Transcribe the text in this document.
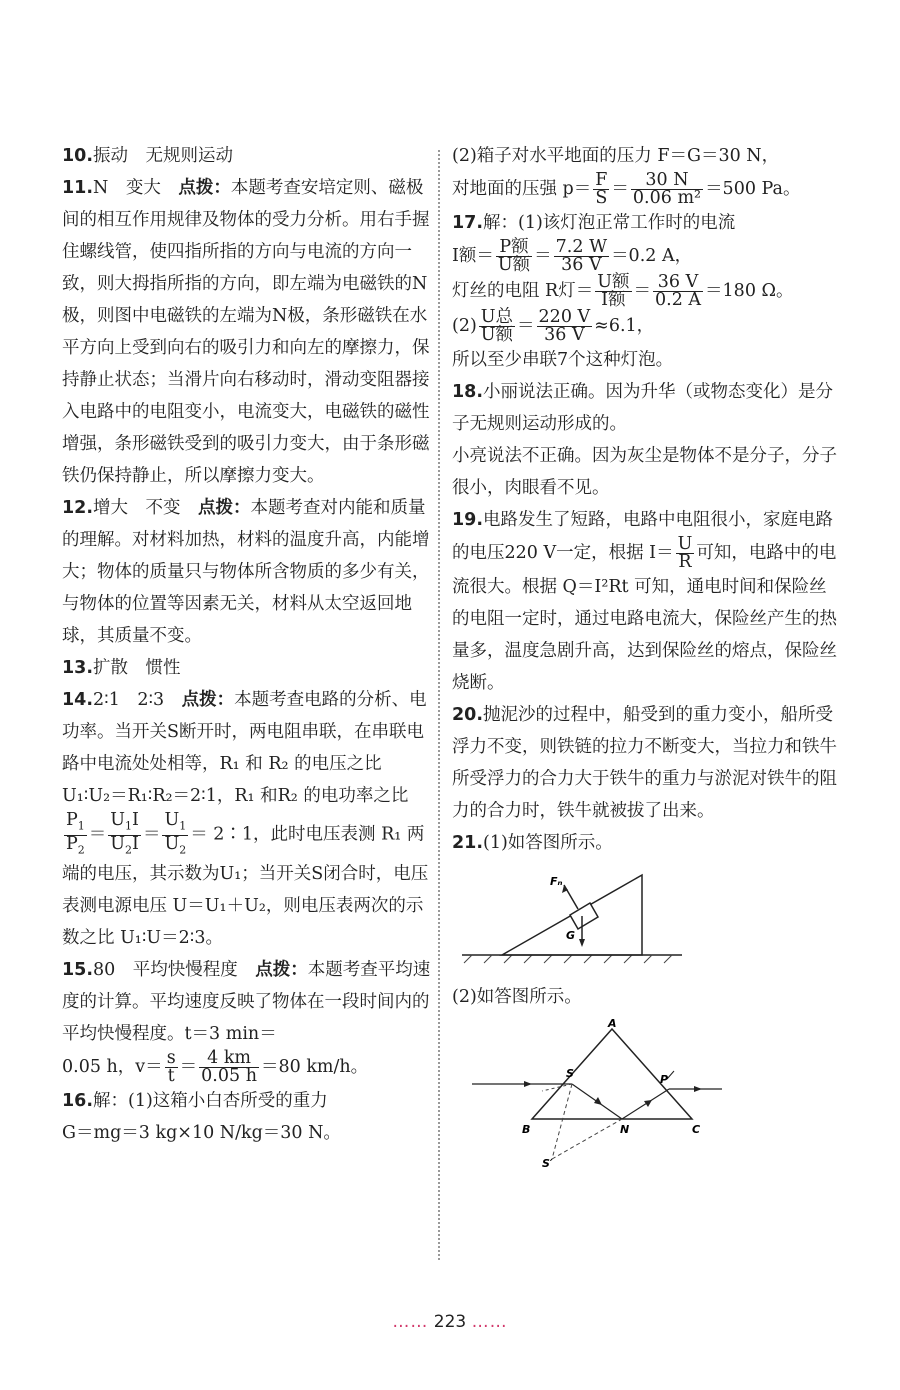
10.振动　无规则运动

11.N　变大　点拨：本题考查安培定则、磁极间的相互作用规律及物体的受力分析。用右手握住螺线管，使四指所指的方向与电流的方向一致，则大拇指所指的方向，即左端为电磁铁的N极，则图中电磁铁的左端为N极，条形磁铁在水平方向上受到向右的吸引力和向左的摩擦力，保持静止状态；当滑片向右移动时，滑动变阻器接入电路中的电阻变小，电流变大，电磁铁的磁性增强，条形磁铁受到的吸引力变大，由于条形磁铁仍保持静止，所以摩擦力变大。

12.增大　不变　点拨：本题考查对内能和质量的理解。对材料加热，材料的温度升高，内能增大；物体的质量只与物体所含物质的多少有关，与物体的位置等因素无关，材料从太空返回地球，其质量不变。

13.扩散　惯性

14.2∶1　2∶3　点拨：本题考查电路的分析、电功率。当开关S断开时，两电阻串联，在串联电路中电流处处相等，R₁ 和 R₂ 的电压之比 U₁∶U₂＝R₁∶R₂＝2∶1，R₁ 和R₂ 的电功率之比
$\frac{P_1}{P_2} = \frac{U_1I}{U_2I} = \frac{U_1}{U_2}$ ＝ 2∶1，此时电压表测 R₁ 两端的电压，其示数为U₁；当开关S闭合时，电压表测电源电压 U＝U₁＋U₂，则电压表两次的示数之比 U₁∶U＝2∶3。

15.80　平均快慢程度　点拨：本题考查平均速度的计算。平均速度反映了物体在一段时间内的平均快慢程度。t＝3 min＝
0.05 h，$v= \frac{s}{t} = \frac{4 km}{0.05 h} =80$ km/h。

16.解：(1)这箱小白杏所受的重力
G＝mg＝3 kg×10 N/kg＝30 N。

(2)箱子对水平地面的压力 F＝G＝30 N，
对地面的压强 $p= \frac{F}{S} = \frac{30 N}{\text{0.06 m²}} =500$ Pa。

17.解：(1)该灯泡正常工作时的电流
I额＝ $\frac{\text{P额}}{\text{U额}} = \frac{7.2 W}{36 V} =0.2$ A，
灯丝的电阻 R灯＝ $\frac{\text{U额}}{\text{I额}} = \frac{36 V}{0.2 A} =180$ Ω。
$(2) \frac{\text{U总}}{\text{U额}} = \frac{220 V}{36 V} \approx 6.1$，
所以至少串联7个这种灯泡。

18.小丽说法正确。因为升华（或物态变化）是分子无规则运动形成的。
小亮说法不正确。因为灰尘是物体不是分子，分子很小，肉眼看不见。

19.电路发生了短路，电路中电阻很小，家庭电路的电压220 V一定，根据 $I= \frac{U}{R}$ 可知，电路中的电流很大。根据 Q＝I²Rt 可知，通电时间和保险丝的电阻一定时，通过电路电流大，保险丝产生的热量多，温度急剧升高，达到保险丝的熔点，保险丝烧断。

20.抛泥沙的过程中，船受到的重力变小，船所受浮力不变，则铁链的拉力不断变大，当拉力和铁牛所受浮力的合力大于铁牛的重力与淤泥对铁牛的阻力的合力时，铁牛就被拔了出来。

21.(1)如答图所示。

Fₙ
G

(2)如答图所示。

A
B	C
S
N
P
S′
…… 223 ……
